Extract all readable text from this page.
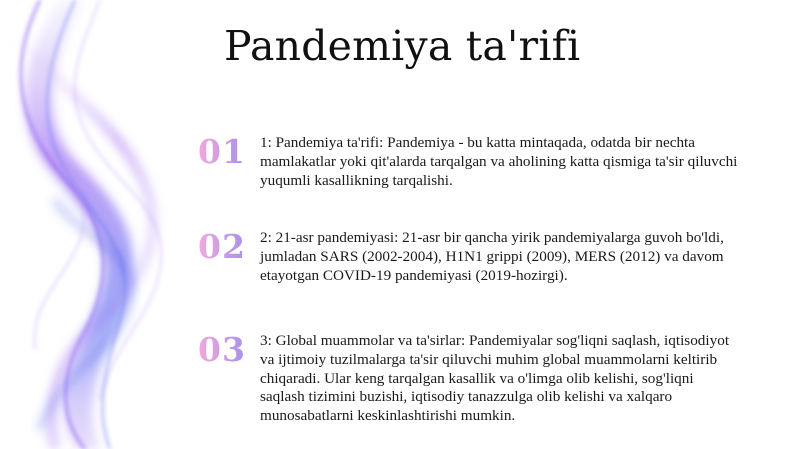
Pandemiya ta'rifi
01 1: Pandemiya ta'rifi: Pandemiya - bu katta mintaqada, odatda bir nechta mamlakatlar yoki qit'alarda tarqalgan va aholining katta qismiga ta'sir qiluvchi yuqumli kasallikning tarqalishi.
02 2: 21-asr pandemiyasi: 21-asr bir qancha yirik pandemiyalarga guvoh bo'ldi, jumladan SARS (2002-2004), H1N1 grippi (2009), MERS (2012) va davom etayotgan COVID-19 pandemiyasi (2019-hozirgi).
03 3: Global muammolar va ta'sirlar: Pandemiyalar sog'liqni saqlash, iqtisodiyot va ijtimoiy tuzilmalarga ta'sir qiluvchi muhim global muammolarni keltirib chiqaradi. Ular keng tarqalgan kasallik va o'limga olib kelishi, sog'liqni saqlash tizimini buzishi, iqtisodiy tanazzulga olib kelishi va xalqaro munosabatlarni keskinlashtirishi mumkin.
